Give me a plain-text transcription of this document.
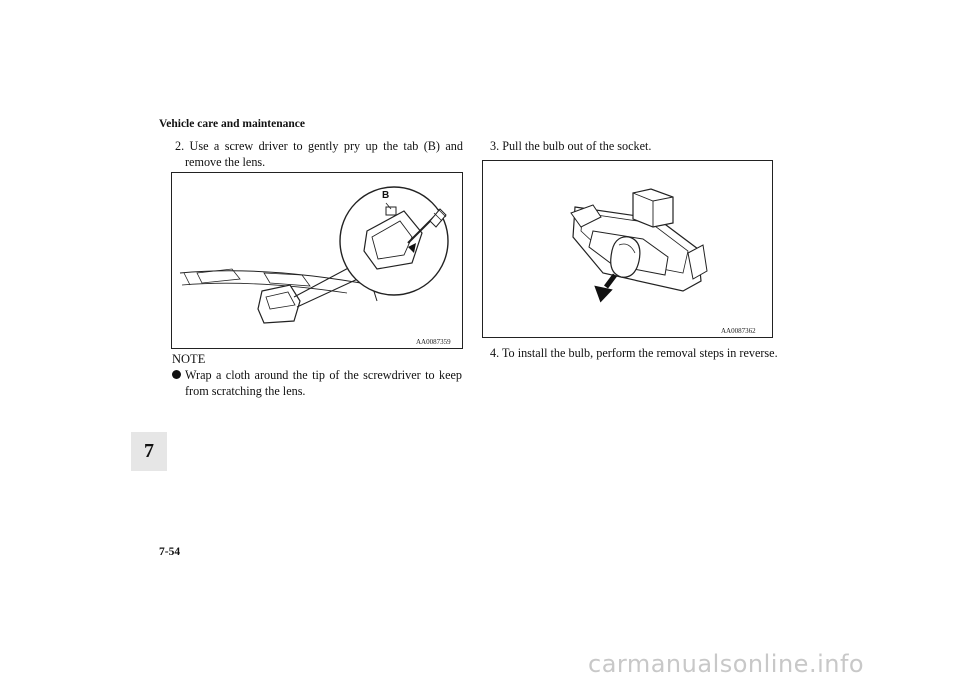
Vehicle care and maintenance
2. Use a screw driver to gently pry up the tab (B) and remove the lens.
B
AA0087359
NOTE
Wrap a cloth around the tip of the screwdriver to keep from scratching the lens.
3. Pull the bulb out of the socket.
AA0087362
4. To install the bulb, perform the removal steps in reverse.
7
7-54
carmanualsonline.info
